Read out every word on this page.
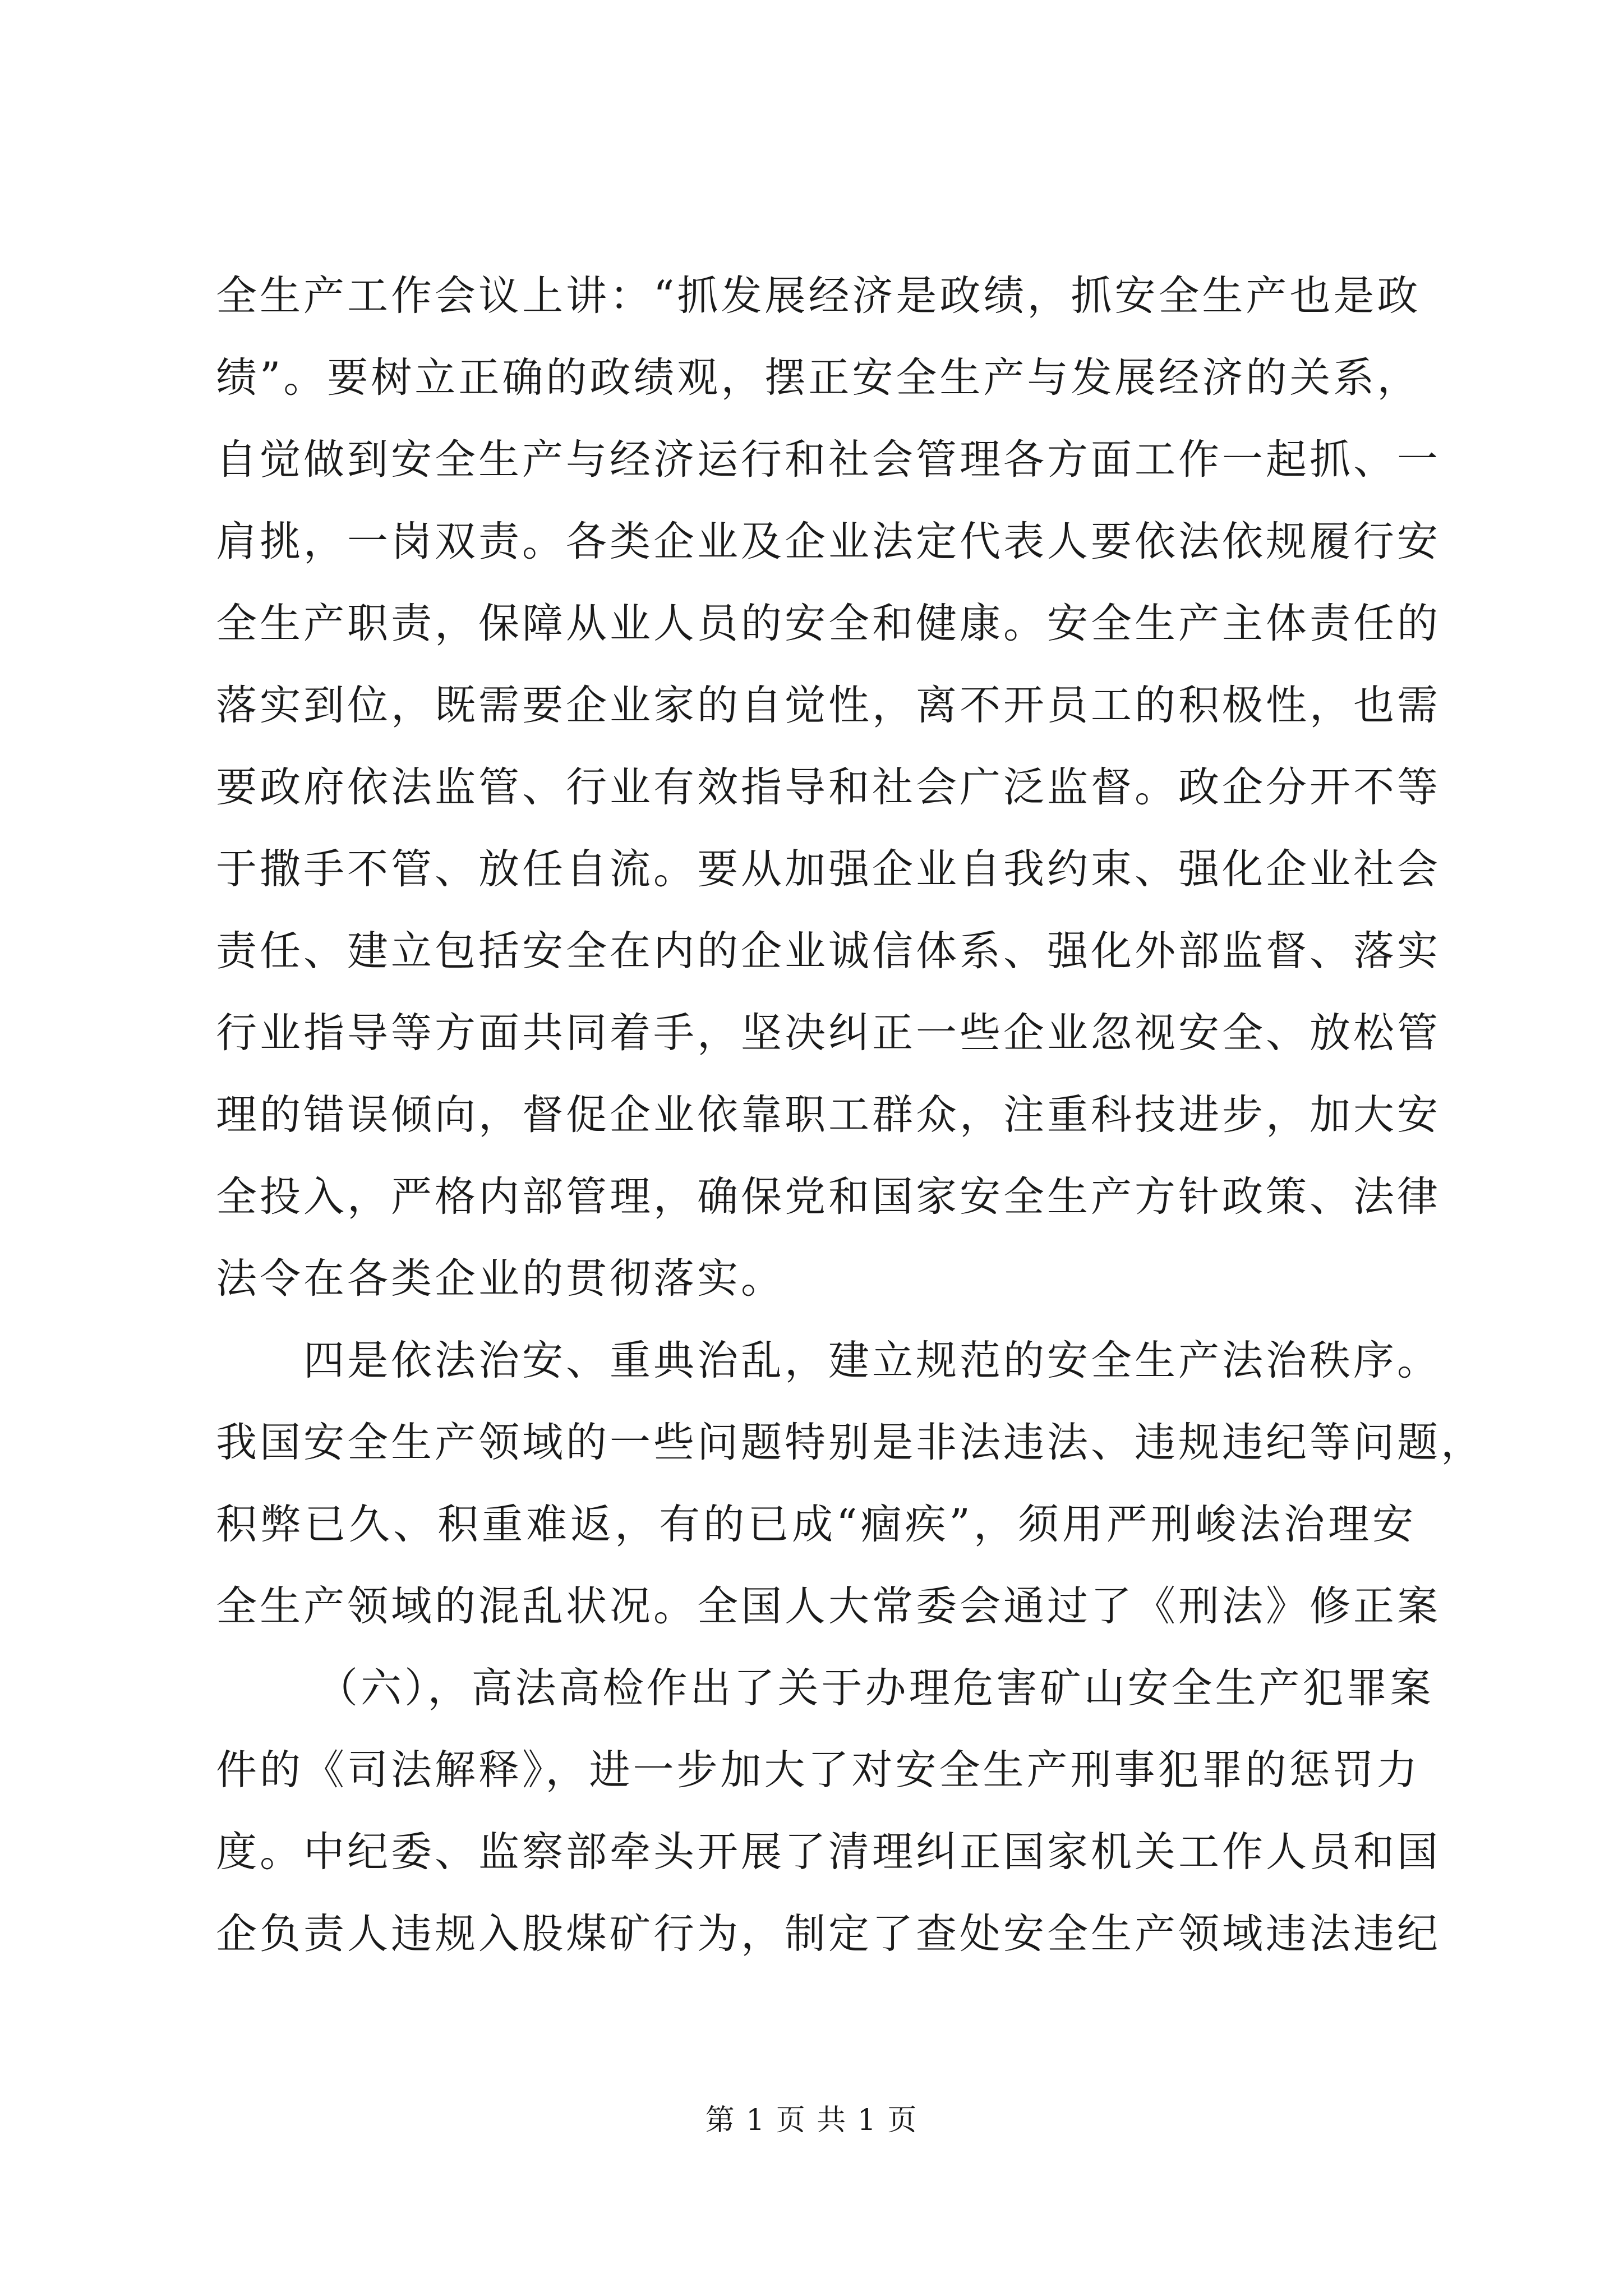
全生产工作会议上讲：“抓发展经济是政绩，抓安全生产也是政
绩”。要树立正确的政绩观，摆正安全生产与发展经济的关系，
自觉做到安全生产与经济运行和社会管理各方面工作一起抓、一
肩挑，一岗双责。各类企业及企业法定代表人要依法依规履行安
全生产职责，保障从业人员的安全和健康。安全生产主体责任的
落实到位，既需要企业家的自觉性，离不开员工的积极性，也需
要政府依法监管、行业有效指导和社会广泛监督。政企分开不等
于撒手不管、放任自流。要从加强企业自我约束、强化企业社会
责任、建立包括安全在内的企业诚信体系、强化外部监督、落实
行业指导等方面共同着手，坚决纠正一些企业忽视安全、放松管
理的错误倾向，督促企业依靠职工群众，注重科技进步，加大安
全投入，严格内部管理，确保党和国家安全生产方针政策、法律
法令在各类企业的贯彻落实。
四是依法治安、重典治乱，建立规范的安全生产法治秩序。
我国安全生产领域的一些问题特别是非法违法、违规违纪等问题，
积弊已久、积重难返，有的已成“痼疾”，须用严刑峻法治理安
全生产领域的混乱状况。全国人大常委会通过了《刑法》修正案
（六），高法高检作出了关于办理危害矿山安全生产犯罪案
件的《司法解释》，进一步加大了对安全生产刑事犯罪的惩罚力
度。中纪委、监察部牵头开展了清理纠正国家机关工作人员和国
企负责人违规入股煤矿行为，制定了查处安全生产领域违法违纪
第 1 页 共 1 页
